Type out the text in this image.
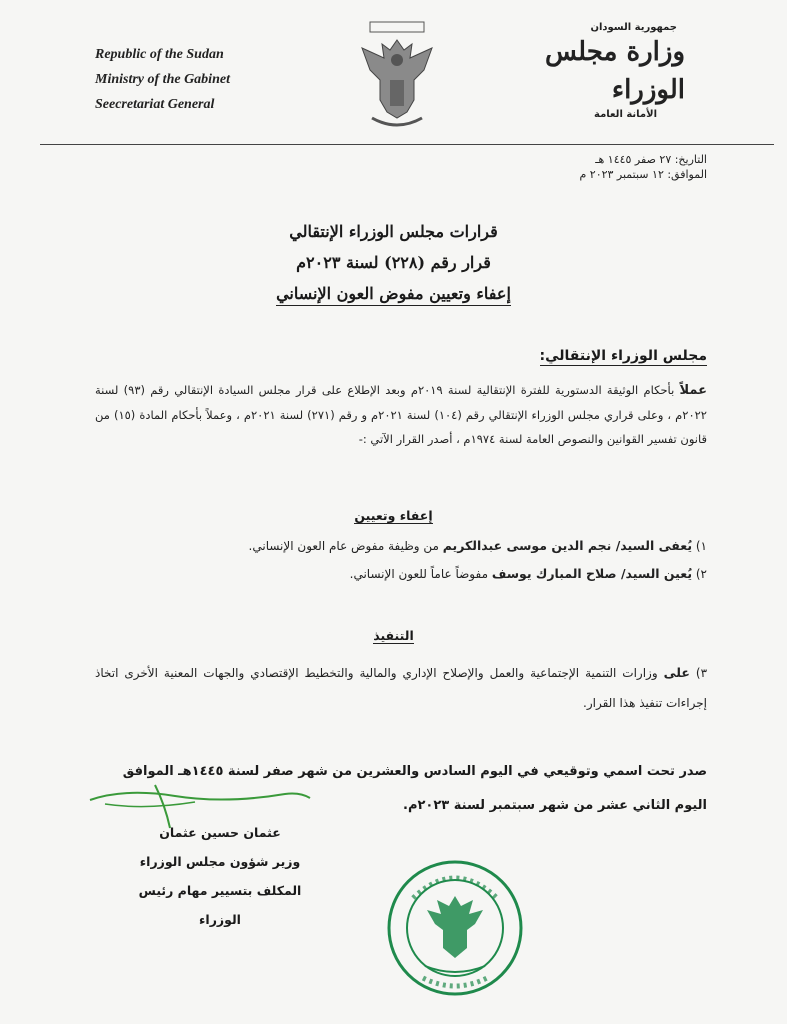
Republic of the Sudan
Ministry of the Gabinet
Seecretariat General
جمهورية السودان
وزارة مجلس الوزراء
الأمانة العامة
التاريخ: ٢٧ صفر ١٤٤٥ هـ
الموافق: ١٢ سبتمبر ٢٠٢٣ م
قرارات مجلس الوزراء الإنتقالي
قرار رقم (٢٢٨) لسنة ٢٠٢٣م
إعفاء وتعيين مفوض العون الإنساني
مجلس الوزراء الإنتقالي:
عملاً بأحكام الوثيقة الدستورية للفترة الإنتقالية لسنة ٢٠١٩م وبعد الإطلاع على قرار مجلس السيادة الإنتقالي رقم (٩٣) لسنة ٢٠٢٢م ، وعلى قراري مجلس الوزراء الإنتقالي رقم (١٠٤) لسنة ٢٠٢١م و رقم (٢٧١) لسنة ٢٠٢١م ، وعملاً بأحكام المادة (١٥) من قانون تفسير القوانين والنصوص العامة لسنة ١٩٧٤م ، أصدر القرار الآتي :-
إعفاء وتعيين
١) يُعفى السيد/ نجم الدين موسى عبدالكريم من وظيفة مفوض عام العون الإنساني.
٢) يُعين السيد/ صلاح المبارك يوسف مفوضاً عاماً للعون الإنساني.
التنفيذ
٣) على وزارات التنمية الإجتماعية والعمل والإصلاح الإداري والمالية والتخطيط الإقتصادي والجهات المعنية الأخرى اتخاذ إجراءات تنفيذ هذا القرار.
صدر تحت اسمي وتوقيعي في اليوم السادس والعشرين من شهر صفر لسنة ١٤٤٥هـ الموافق اليوم الثاني عشر من شهر سبتمبر لسنة ٢٠٢٣م.
عثمان حسين عثمان
وزير شؤون مجلس الوزراء
المكلف بتسيير مهام رئيس الوزراء
